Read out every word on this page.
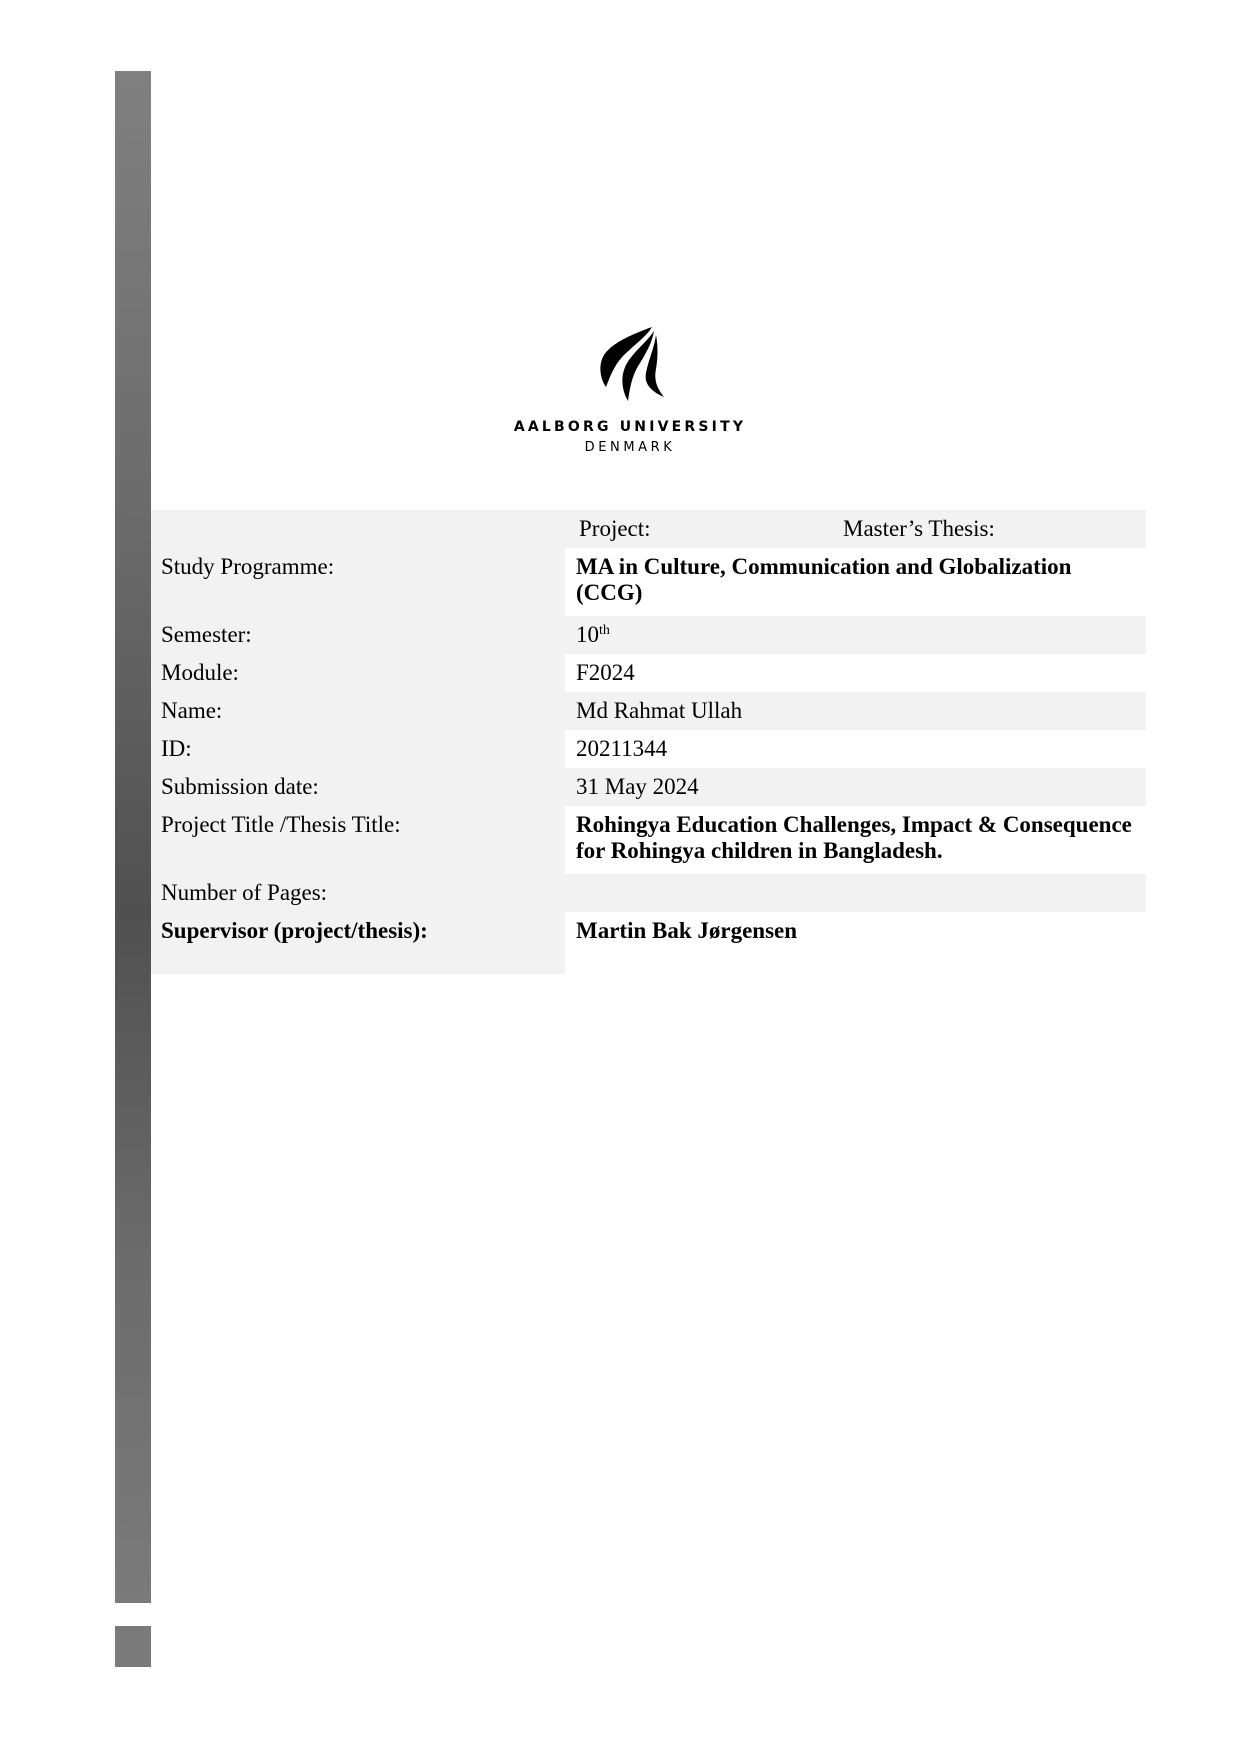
AALBORG UNIVERSITY
DENMARK
Project:	Master’s Thesis:
Study Programme:	MA in Culture, Communication and Globalization (CCG)
Semester:	10th
Module:	F2024
Name:	Md Rahmat Ullah
ID:	20211344
Submission date:	31 May 2024
Project Title /Thesis Title:	Rohingya Education Challenges, Impact & Consequence for Rohingya children in Bangladesh.
Number of Pages:
Supervisor (project/thesis):	Martin Bak Jørgensen
